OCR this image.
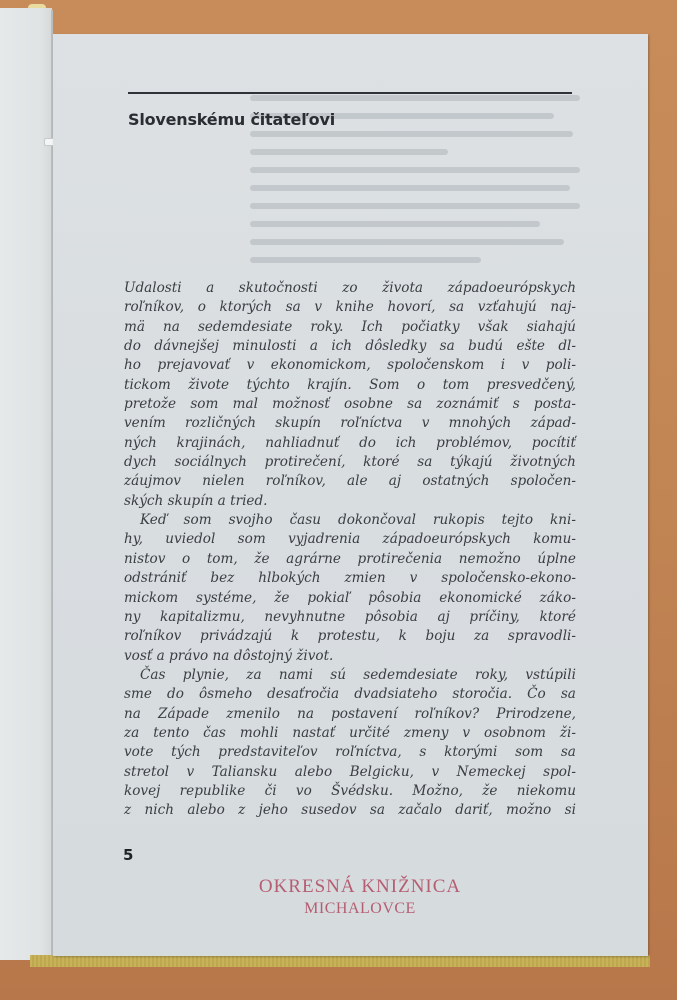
Slovenskému čitateľovi
Udalosti a skutočnosti zo života západoeurópskych
roľníkov, o ktorých sa v knihe hovorí, sa vzťahujú naj-
mä na sedemdesiate roky. Ich počiatky však siahajú
do dávnejšej minulosti a ich dôsledky sa budú ešte dl-
ho prejavovať v ekonomickom, spoločenskom i v poli-
tickom živote týchto krajín. Som o tom presvedčený,
pretože som mal možnosť osobne sa zoznámiť s posta-
vením rozličných skupín roľníctva v mnohých západ-
ných krajinách, nahliadnuť do ich problémov, pocítiť
dych sociálnych protirečení, ktoré sa týkajú životných
záujmov nielen roľníkov, ale aj ostatných spoločen-
ských skupín a tried.
Keď som svojho času dokončoval rukopis tejto kni-
hy, uviedol som vyjadrenia západoeurópskych komu-
nistov o tom, že agrárne protirečenia nemožno úplne
odstrániť bez hlbokých zmien v spoločensko-ekono-
mickom systéme, že pokiaľ pôsobia ekonomické záko-
ny kapitalizmu, nevyhnutne pôsobia aj príčiny, ktoré
roľníkov privádzajú k protestu, k boju za spravodli-
vosť a právo na dôstojný život.
Čas plynie, za nami sú sedemdesiate roky, vstúpili
sme do ôsmeho desaťročia dvadsiateho storočia. Čo sa
na Západe zmenilo na postavení roľníkov? Prirodzene,
za tento čas mohli nastať určité zmeny v osobnom ži-
vote tých predstaviteľov roľníctva, s ktorými som sa
stretol v Taliansku alebo Belgicku, v Nemeckej spol-
kovej republike či vo Švédsku. Možno, že niekomu
z nich alebo z jeho susedov sa začalo dariť, možno si
5
OKRESNÁ KNIŽNICA
MICHALOVCE
